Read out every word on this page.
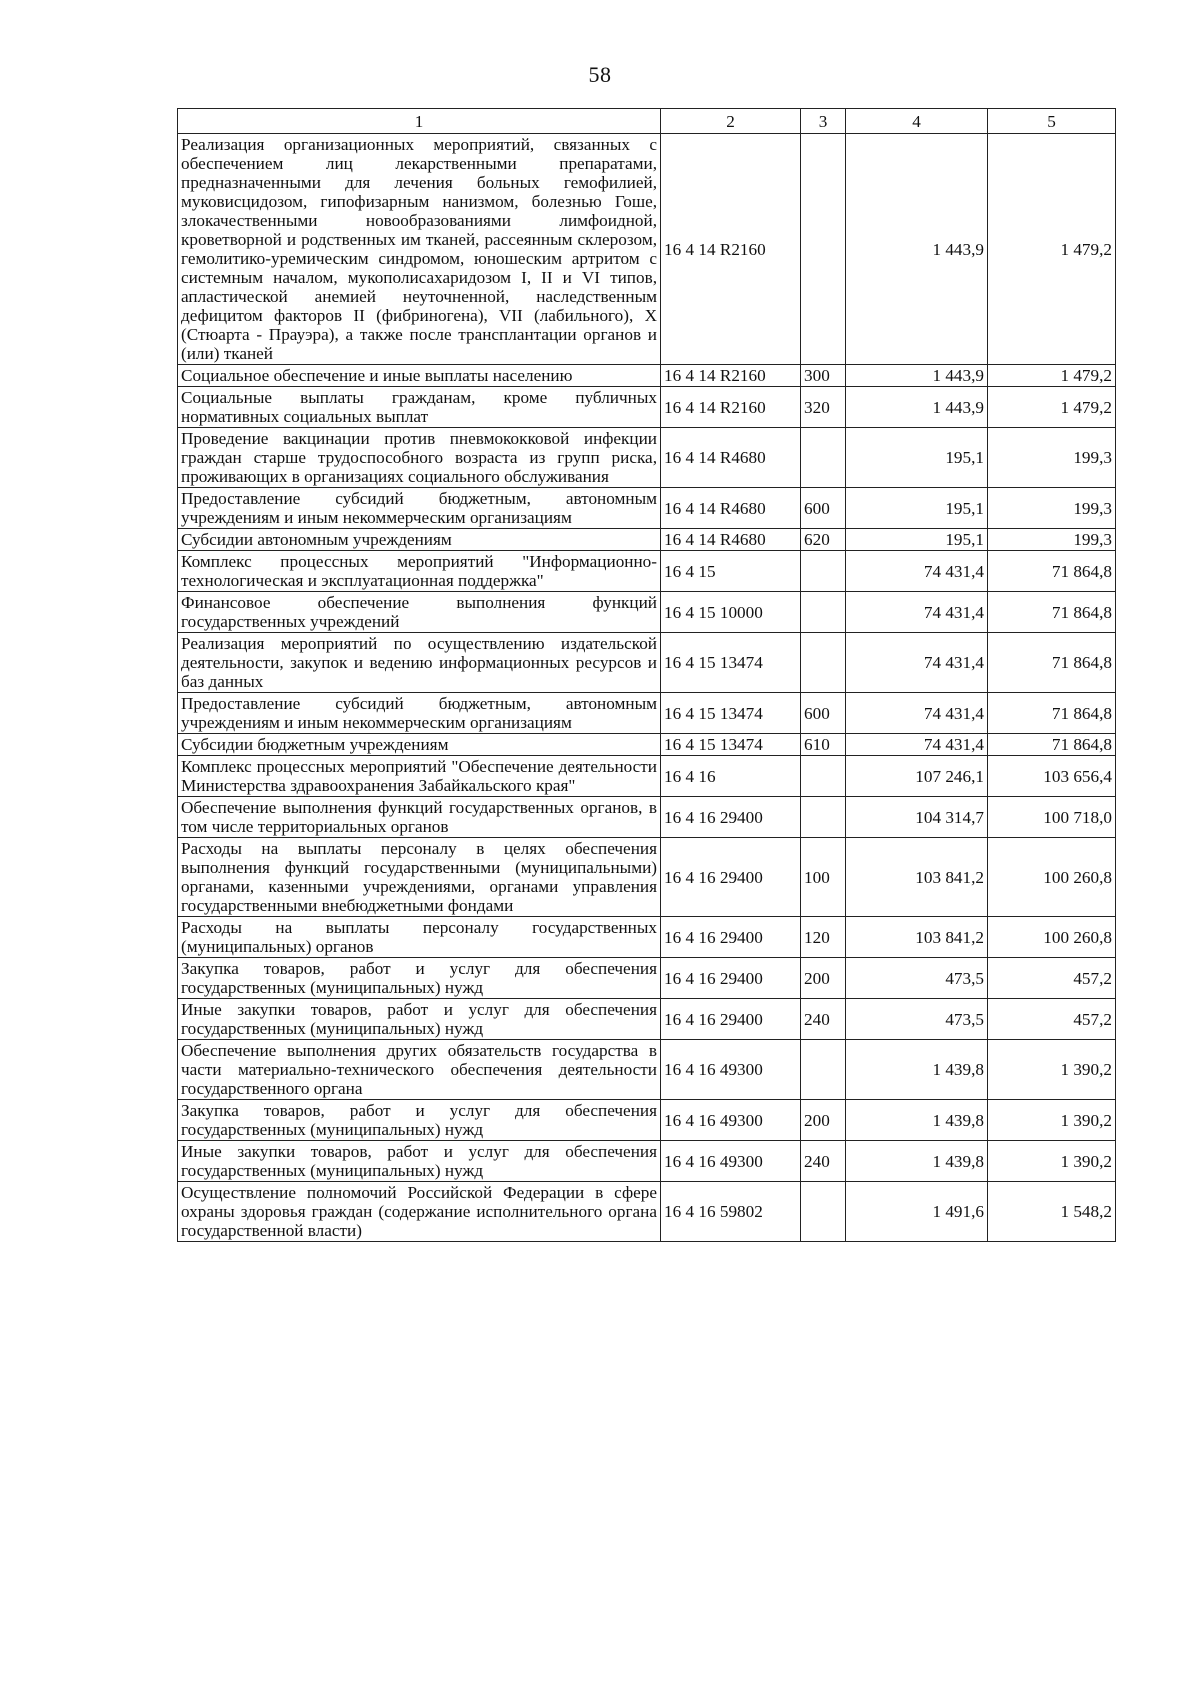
58
1	2	3	4	5
Реализация организационных мероприятий, связанных с обеспечением лиц лекарственными препаратами, предназначенными для лечения больных гемофилией, муковисцидозом, гипофизарным нанизмом, болезнью Гоше, злокачественными новообразованиями лимфоидной, кроветворной и родственных им тканей, рассеянным склерозом, гемолитико-уремическим синдромом, юношеским артритом с системным началом, мукополисахаридозом I, II и VI типов, апластической анемией неуточненной, наследственным дефицитом факторов II (фибриногена), VII (лабильного), X (Стюарта - Прауэра), а также после трансплантации органов и (или) тканей	16 4 14 R2160		1 443,9	1 479,2
Социальное обеспечение и иные выплаты населению	16 4 14 R2160	300	1 443,9	1 479,2
Социальные выплаты гражданам, кроме публичных нормативных социальных выплат	16 4 14 R2160	320	1 443,9	1 479,2
Проведение вакцинации против пневмококковой инфекции граждан старше трудоспособного возраста из групп риска, проживающих в организациях социального обслуживания	16 4 14 R4680		195,1	199,3
Предоставление субсидий бюджетным, автономным учреждениям и иным некоммерческим организациям	16 4 14 R4680	600	195,1	199,3
Субсидии автономным учреждениям	16 4 14 R4680	620	195,1	199,3
Комплекс процессных мероприятий "Информационно-технологическая и эксплуатационная поддержка"	16 4 15		74 431,4	71 864,8
Финансовое обеспечение выполнения функций государственных учреждений	16 4 15 10000		74 431,4	71 864,8
Реализация мероприятий по осуществлению издательской деятельности, закупок и ведению информационных ресурсов и баз данных	16 4 15 13474		74 431,4	71 864,8
Предоставление субсидий бюджетным, автономным учреждениям и иным некоммерческим организациям	16 4 15 13474	600	74 431,4	71 864,8
Субсидии бюджетным учреждениям	16 4 15 13474	610	74 431,4	71 864,8
Комплекс процессных мероприятий "Обеспечение деятельности Министерства здравоохранения Забайкальского края"	16 4 16		107 246,1	103 656,4
Обеспечение выполнения функций государственных органов, в том числе территориальных органов	16 4 16 29400		104 314,7	100 718,0
Расходы на выплаты персоналу в целях обеспечения выполнения функций государственными (муниципальными) органами, казенными учреждениями, органами управления государственными внебюджетными фондами	16 4 16 29400	100	103 841,2	100 260,8
Расходы на выплаты персоналу государственных (муниципальных) органов	16 4 16 29400	120	103 841,2	100 260,8
Закупка товаров, работ и услуг для обеспечения государственных (муниципальных) нужд	16 4 16 29400	200	473,5	457,2
Иные закупки товаров, работ и услуг для обеспечения государственных (муниципальных) нужд	16 4 16 29400	240	473,5	457,2
Обеспечение выполнения других обязательств государства в части материально-технического обеспечения деятельности государственного органа	16 4 16 49300		1 439,8	1 390,2
Закупка товаров, работ и услуг для обеспечения государственных (муниципальных) нужд	16 4 16 49300	200	1 439,8	1 390,2
Иные закупки товаров, работ и услуг для обеспечения государственных (муниципальных) нужд	16 4 16 49300	240	1 439,8	1 390,2
Осуществление полномочий Российской Федерации в сфере охраны здоровья граждан (содержание исполнительного органа государственной власти)	16 4 16 59802		1 491,6	1 548,2
